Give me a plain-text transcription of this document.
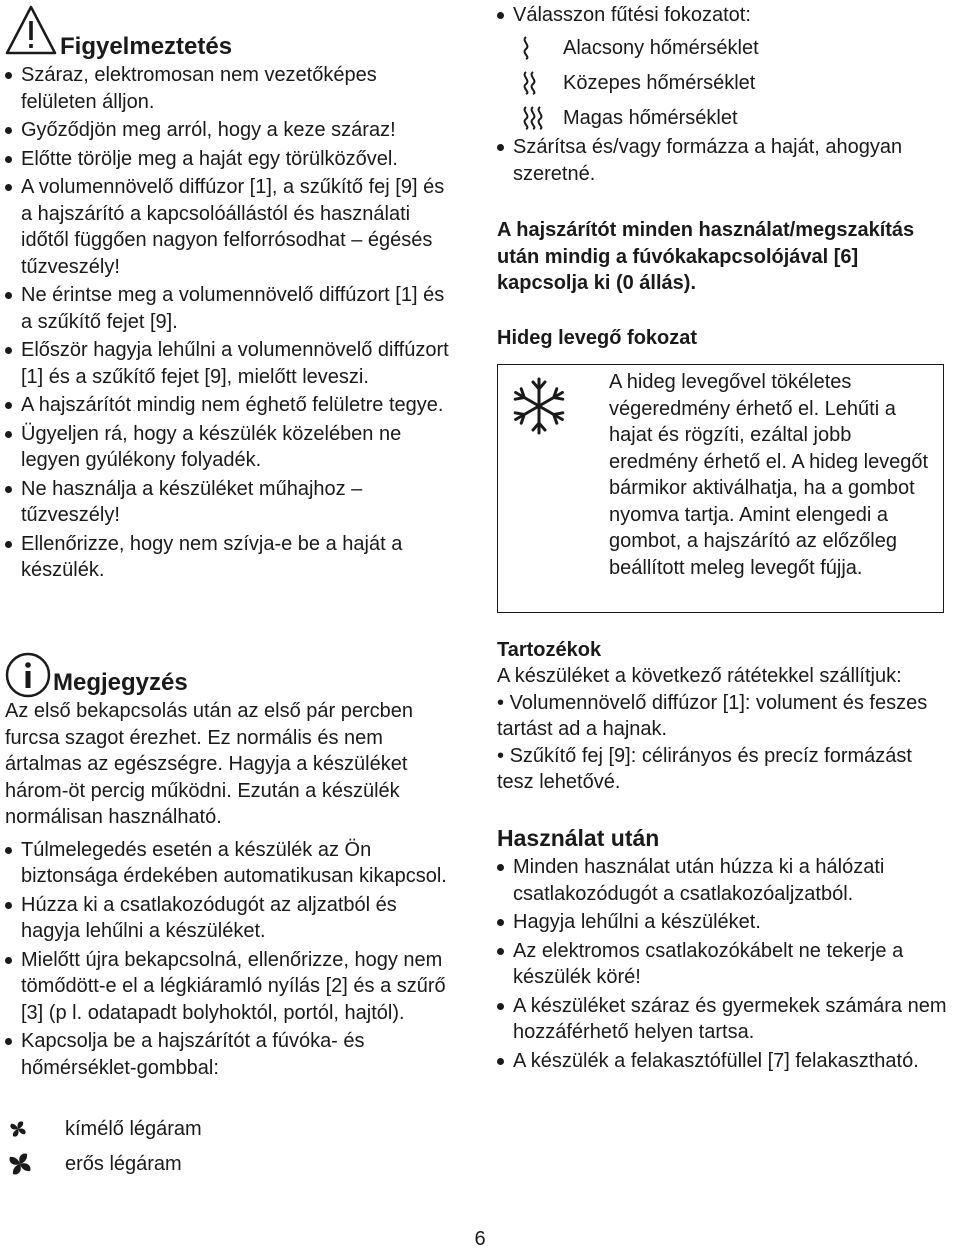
Figyelmeztetés
Száraz, elektromosan nem vezetőképes felületen álljon.
Győződjön meg arról, hogy a keze száraz!
Előtte törölje meg a haját egy törülközővel.
A volumennövelő diffúzor [1], a szűkítő fej [9] és a hajszárító a kapcsolóállástól és használati időtől függően nagyon felforrósodhat – égésés tűzveszély!
Ne érintse meg a volumennövelő diffúzort [1] és a szűkítő fejet [9].
Először hagyja lehűlni a volumennövelő diffúzort [1] és a szűkítő fejet [9], mielőtt leveszi.
A hajszárítót mindig nem éghető felületre tegye.
Ügyeljen rá, hogy a készülék közelében ne legyen gyúlékony folyadék.
Ne használja a készüléket műhajhoz – tűzveszély!
Ellenőrizze, hogy nem szívja-e be a haját a készülék.
Megjegyzés
Az első bekapcsolás után az első pár percben furcsa szagot érezhet. Ez normális és nem ártalmas az egészségre. Hagyja a készüléket három-öt percig működni. Ezután a készülék normálisan használható.
Túlmelegedés esetén a készülék az Ön biztonsága érdekében automatikusan kikapcsol.
Húzza ki a csatlakozódugót az aljzatból és hagyja lehűlni a készüléket.
Mielőtt újra bekapcsolná, ellenőrizze, hogy nem tömődött-e el a légkiáramló nyílás [2] és a szűrő [3] (p l. odatapadt bolyhoktól, portól, hajtól).
Kapcsolja be a hajszárítót a fúvóka- és hőmérséklet-gombbal:
kímélő légáram
erős légáram
Válasszon fűtési fokozatot:
Alacsony hőmérséklet
Közepes hőmérséklet
Magas hőmérséklet
Szárítsa és/vagy formázza a haját, ahogyan szeretné.
A hajszárítót minden használat/megszakítás után mindig a fúvókakapcsolójával [6] kapcsolja ki (0 állás).
Hideg levegő fokozat
A hideg levegővel tökéletes végeredmény érhető el. Lehűti a hajat és rögzíti, ezáltal jobb eredmény érhető el. A hideg levegőt bármikor aktiválhatja, ha a gombot nyomva tartja. Amint elengedi a gombot, a hajszárító az előzőleg beállított meleg levegőt fújja.
Tartozékok
A készüléket a következő rátétekkel szállítjuk:
• Volumennövelő diffúzor [1]: volument és feszes tartást ad a hajnak.
• Szűkítő fej [9]: célirányos és precíz formázást tesz lehetővé.
Használat után
Minden használat után húzza ki a hálózati csatlakozódugót a csatlakozóaljzatból.
Hagyja lehűlni a készüléket.
Az elektromos csatlakozókábelt ne tekerje a készülék köré!
A készüléket száraz és gyermekek számára nem hozzáférhető helyen tartsa.
A készülék a felakasztófüllel [7] felakasztható.
6
